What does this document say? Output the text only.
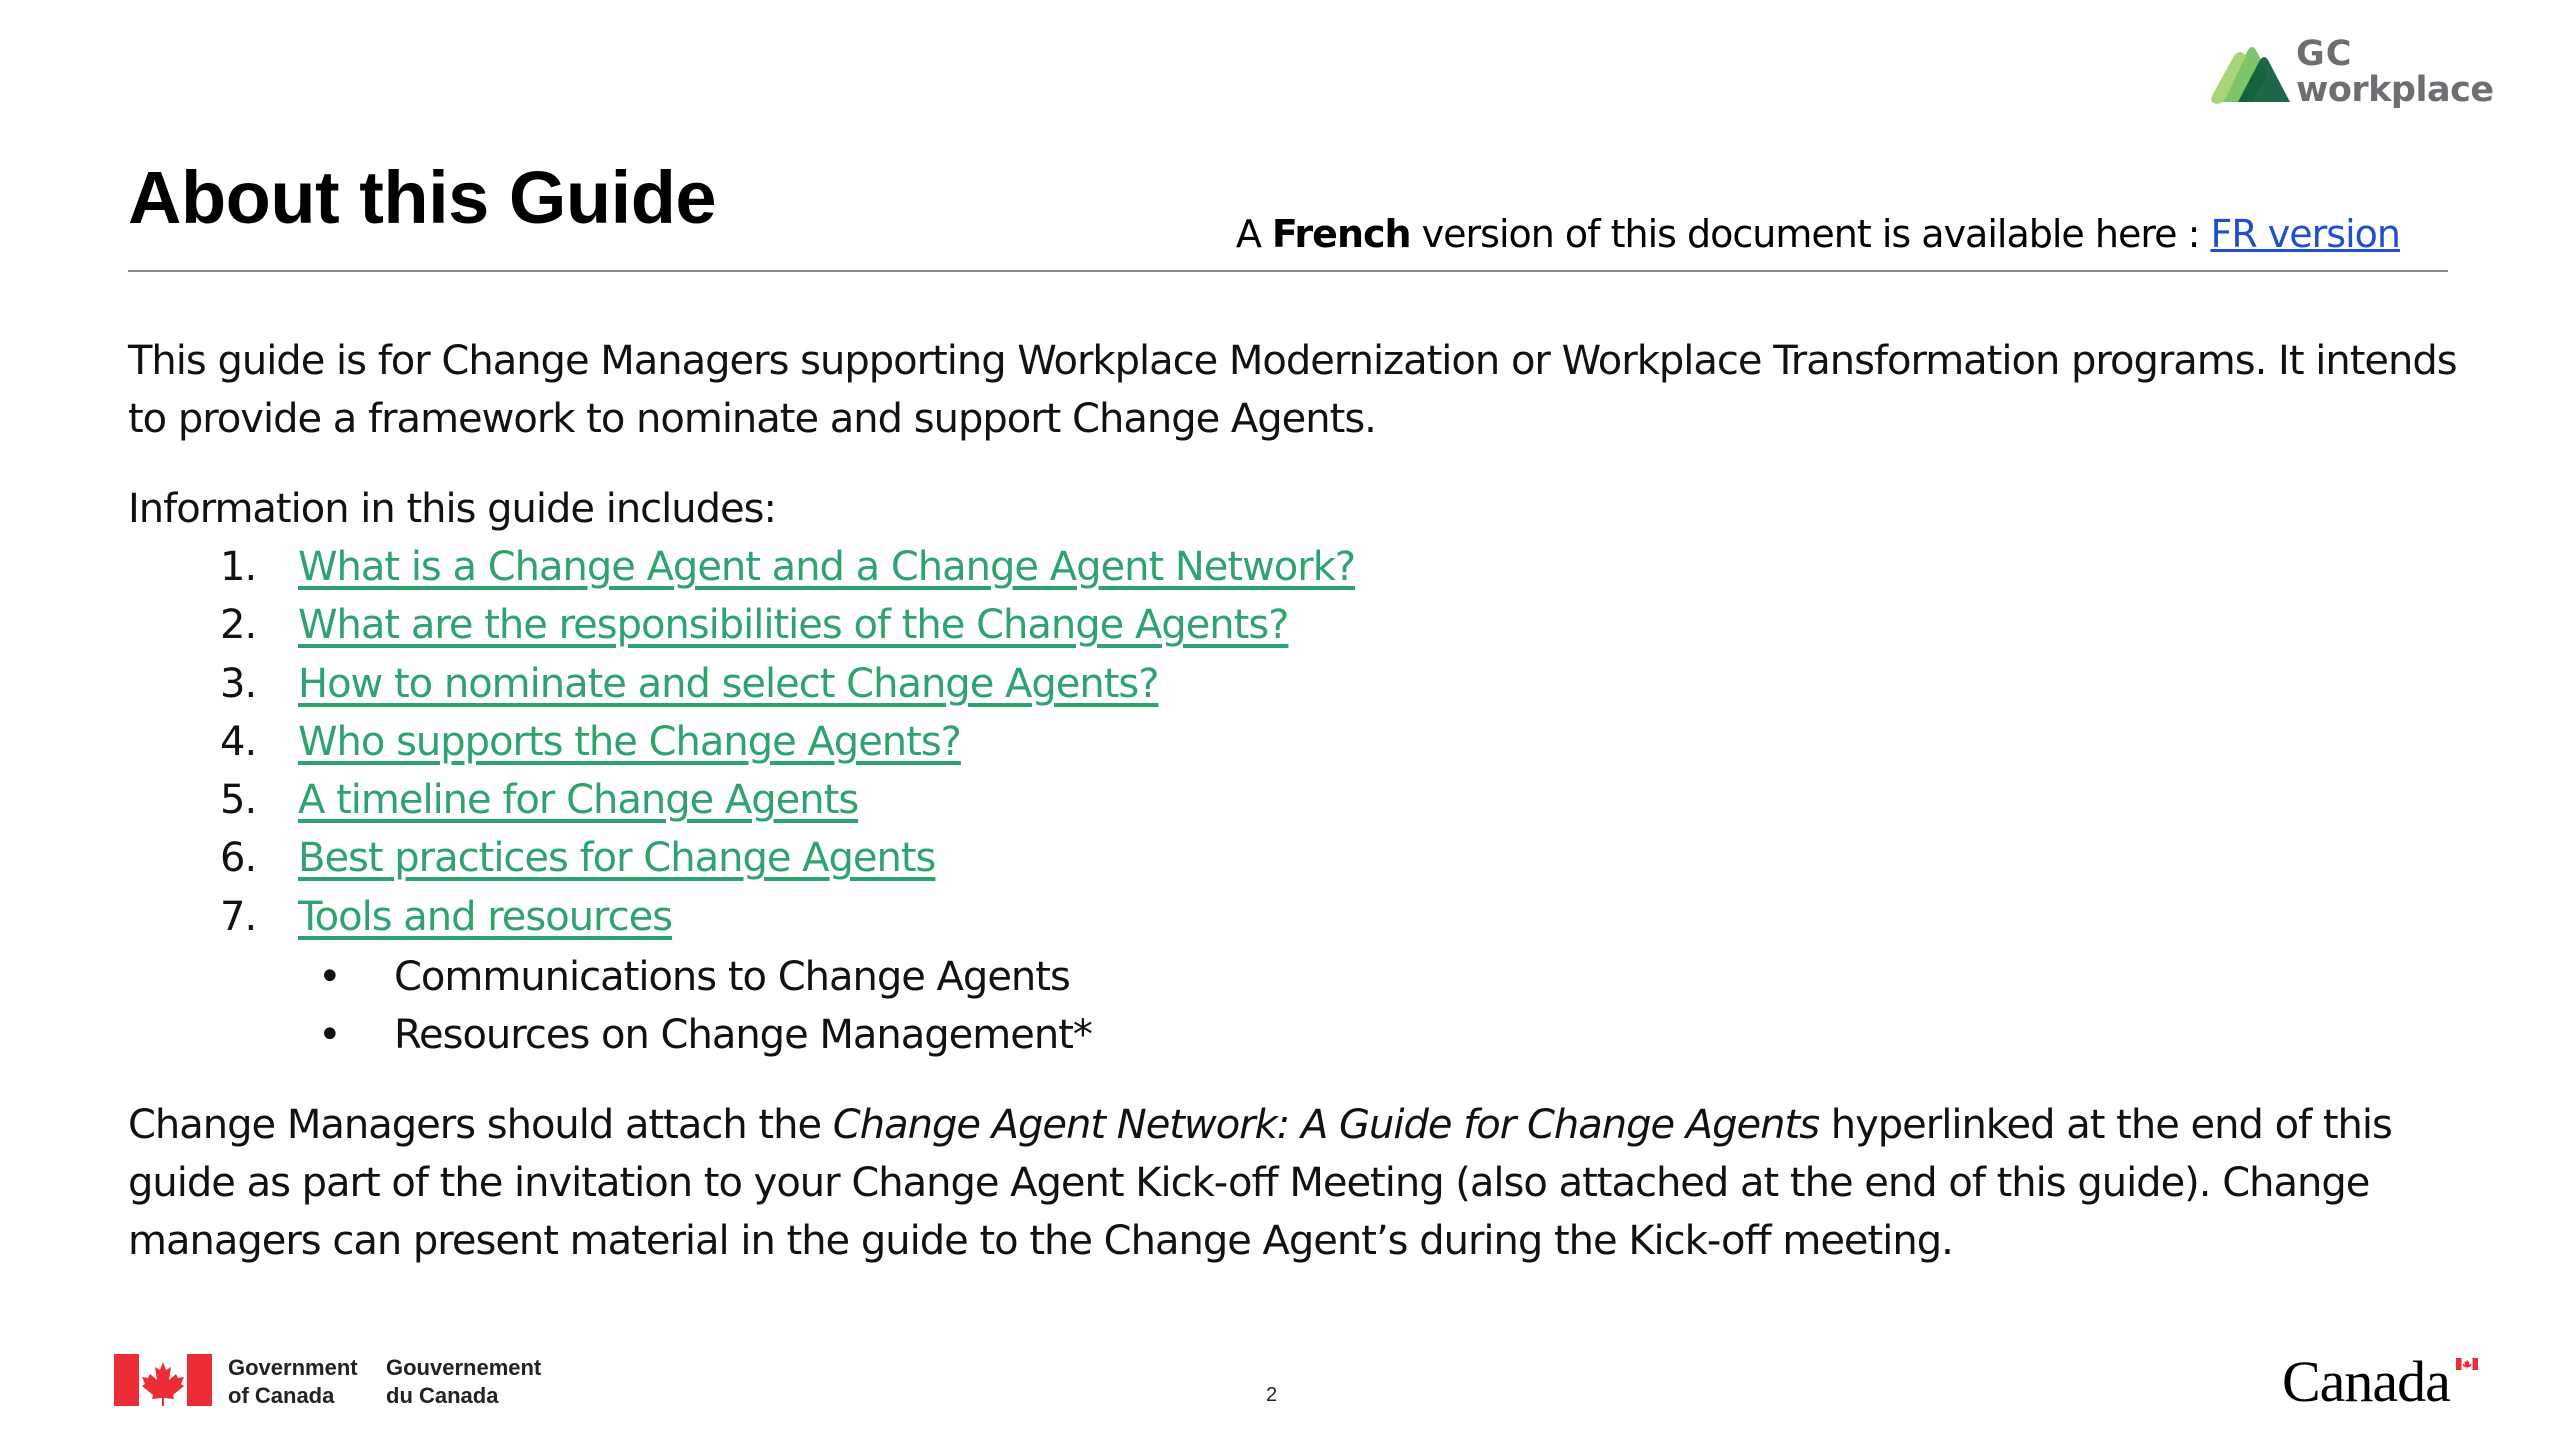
GC
workplace
About this Guide	A French version of this document is available here : FR version

This guide is for Change Managers supporting Workplace Modernization or Workplace Transformation programs. It intends to provide a framework to nominate and support Change Agents.

Information in this guide includes:

1.	What is a Change Agent and a Change Agent Network?
2.	What are the responsibilities of the Change Agents?
3.	How to nominate and select Change Agents?
4.	Who supports the Change Agents?
5.	A timeline for Change Agents
6.	Best practices for Change Agents
7.	Tools and resources
•	Communications to Change Agents
•	Resources on Change Management*

Change Managers should attach the Change Agent Network: A Guide for Change Agents hyperlinked at the end of this guide as part of the invitation to your Change Agent Kick-off Meeting (also attached at the end of this guide). Change managers can present material in the guide to the Change Agent’s during the Kick-off meeting.

Government
of Canada
Gouvernement
du Canada	2	Canada
